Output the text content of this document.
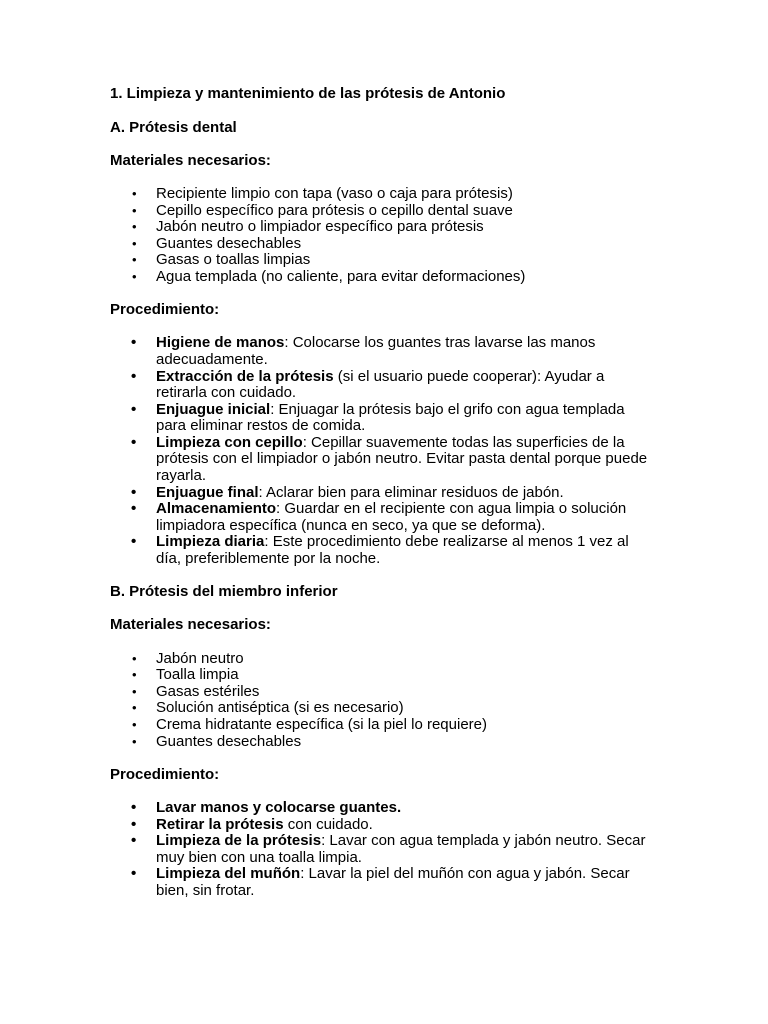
1. Limpieza y mantenimiento de las prótesis de Antonio

A. Prótesis dental

Materiales necesarios:

• Recipiente limpio con tapa (vaso o caja para prótesis)
• Cepillo específico para prótesis o cepillo dental suave
• Jabón neutro o limpiador específico para prótesis
• Guantes desechables
• Gasas o toallas limpias
• Agua templada (no caliente, para evitar deformaciones)

Procedimiento:

• Higiene de manos: Colocarse los guantes tras lavarse las manos adecuadamente.
• Extracción de la prótesis (si el usuario puede cooperar): Ayudar a retirarla con cuidado.
• Enjuague inicial: Enjuagar la prótesis bajo el grifo con agua templada para eliminar restos de comida.
• Limpieza con cepillo: Cepillar suavemente todas las superficies de la prótesis con el limpiador o jabón neutro. Evitar pasta dental porque puede rayarla.
• Enjuague final: Aclarar bien para eliminar residuos de jabón.
• Almacenamiento: Guardar en el recipiente con agua limpia o solución limpiadora específica (nunca en seco, ya que se deforma).
• Limpieza diaria: Este procedimiento debe realizarse al menos 1 vez al día, preferiblemente por la noche.

B. Prótesis del miembro inferior

Materiales necesarios:

• Jabón neutro
• Toalla limpia
• Gasas estériles
• Solución antiséptica (si es necesario)
• Crema hidratante específica (si la piel lo requiere)
• Guantes desechables

Procedimiento:

• Lavar manos y colocarse guantes.
• Retirar la prótesis con cuidado.
• Limpieza de la prótesis: Lavar con agua templada y jabón neutro. Secar muy bien con una toalla limpia.
• Limpieza del muñón: Lavar la piel del muñón con agua y jabón. Secar bien, sin frotar.
